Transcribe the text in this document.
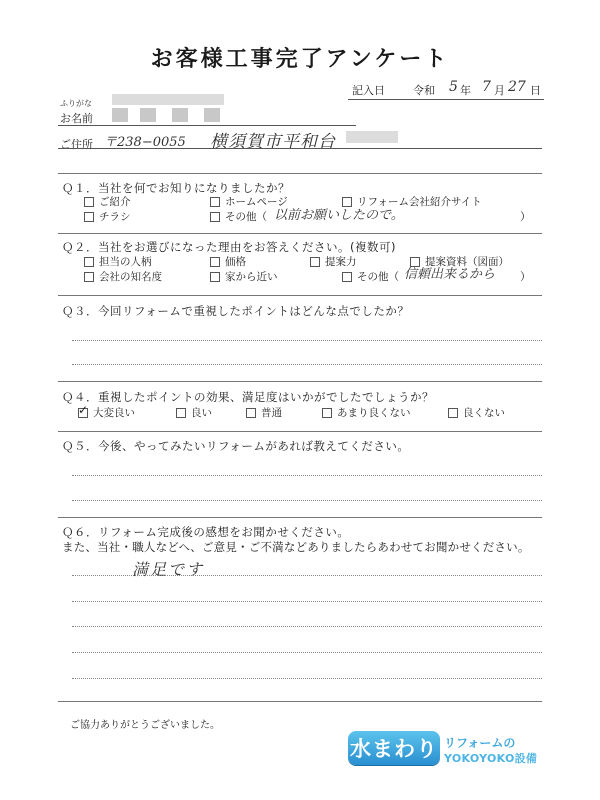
お客様工事完了アンケート
記入日	令和 5 年 7 月 27 日
ふりがな
お名前
ご住所 〒238−0055 横須賀市平和台
Ｑ１．当社を何でお知りになりましたか？
ご紹介	ホームページ	リフォーム会社紹介サイト
チラシ	その他（ 以前お願いしたので。	）
Ｑ２．当社をお選びになった理由をお答えください。(複数可)
担当の人柄	価格	提案力	提案資料（図面）
会社の知名度	家から近い	その他（ 信頼出来るから ）
Ｑ３．今回リフォームで重視したポイントはどんな点でしたか？
Ｑ４．重視したポイントの効果、満足度はいかがでしたでしょうか？
✓
大変良い	良い	普通	あまり良くない	良くない
Ｑ５．今後、やってみたいリフォームがあれば教えてください。
Ｑ６．リフォーム完成後の感想をお聞かせください。
また、当社・職人などへ、ご意見・ご不満などありましたらあわせてお聞かせください。
満足です
ご協力ありがとうございました。
水まわり リフォームの
YOKOYOKO設備
